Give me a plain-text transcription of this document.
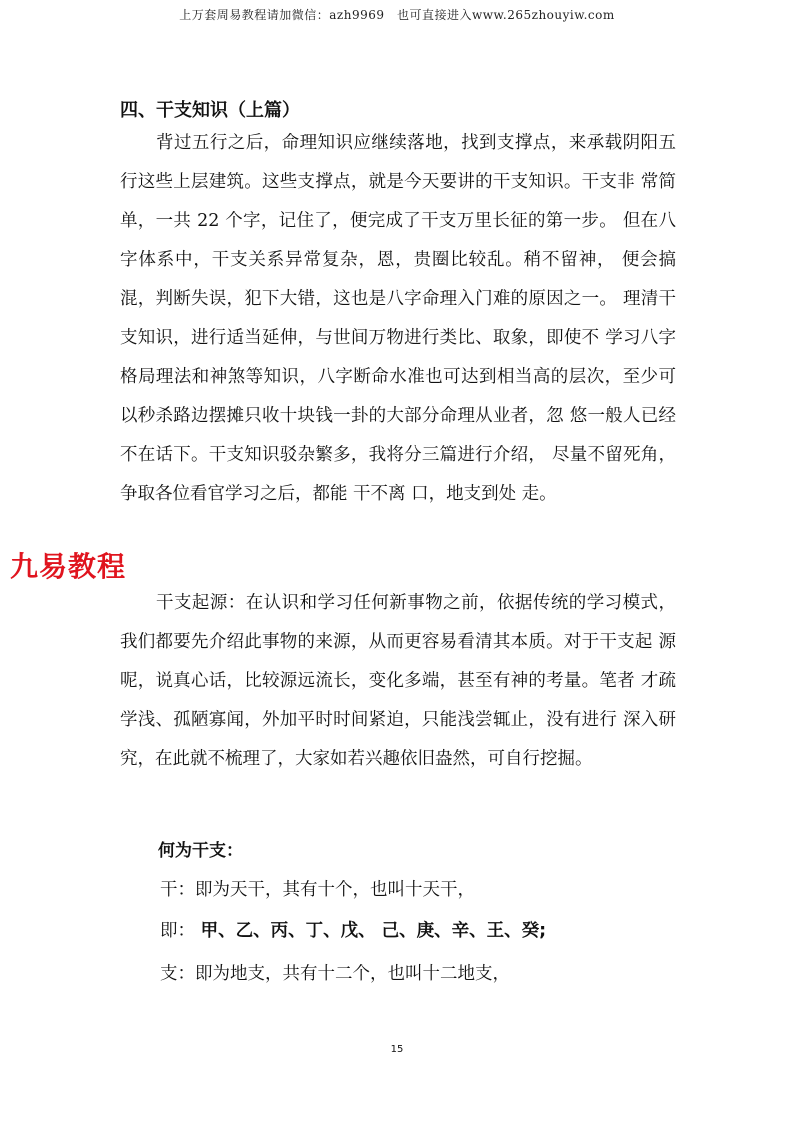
上万套周易教程请加微信：azh9969　也可直接进入www.265zhouyiw.com
四、干支知识（上篇）
背过五行之后，命理知识应继续落地，找到支撑点，来承载阴阳五行这些上层建筑。这些支撑点，就是今天要讲的干支知识。干支非 常简单，一共 22 个字，记住了，便完成了干支万里长征的第一步。 但在八字体系中，干支关系异常复杂，恩，贵圈比较乱。稍不留神， 便会搞混，判断失误，犯下大错，这也是八字命理入门难的原因之一。 理清干支知识，进行适当延伸，与世间万物进行类比、取象，即使不 学习八字格局理法和神煞等知识，八字断命水准也可达到相当高的层次，至少可以秒杀路边摆摊只收十块钱一卦的大部分命理从业者，忽 悠一般人已经不在话下。干支知识驳杂繁多，我将分三篇进行介绍， 尽量不留死角，争取各位看官学习之后，都能 干不离 口，地支到处 走。
干支起源：在认识和学习任何新事物之前，依据传统的学习模式， 我们都要先介绍此事物的来源，从而更容易看清其本质。对于干支起 源呢，说真心话，比较源远流长，变化多端，甚至有神的考量。笔者 才疏学浅、孤陋寡闻，外加平时时间紧迫，只能浅尝辄止，没有进行 深入研究，在此就不梳理了，大家如若兴趣依旧盎然，可自行挖掘。
何为干支：
干：即为天干，其有十个，也叫十天干，
即： 甲、乙、丙、丁、戊、 己、庚、辛、王、癸;
支：即为地支，共有十二个，也叫十二地支，
九易教程
15
